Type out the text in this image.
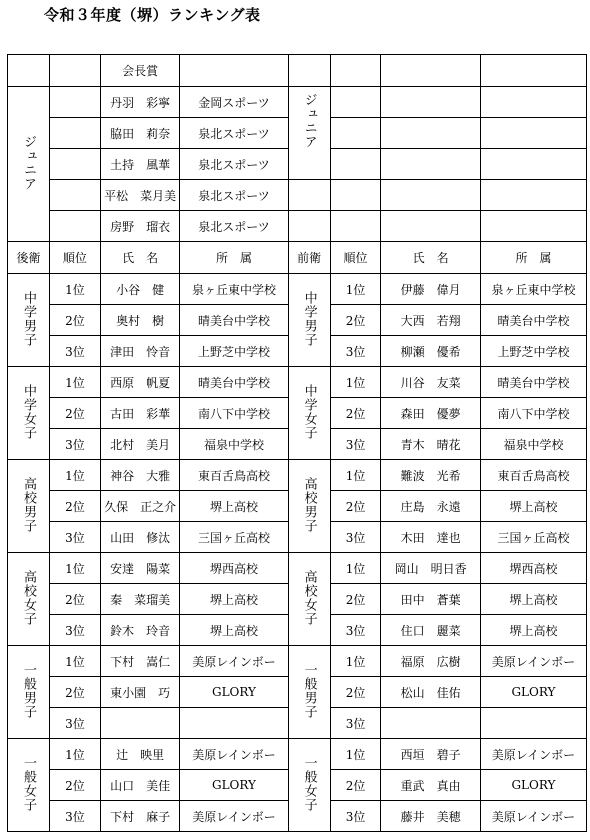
令和３年度（堺）ランキング表
		会長賞					
ジュニア		丹羽　彩寧	金岡スポーツ	ジュニア			
		脇田　莉奈	泉北スポーツ				
		土持　風華	泉北スポーツ				
		平松　菜月美	泉北スポーツ				
		房野　瑠衣	泉北スポーツ				
後衛	順位	氏　名	所　属	前衛	順位	氏　名	所　属
中学男子	1位	小谷　健	泉ヶ丘東中学校	中学男子	1位	伊藤　偉月	泉ヶ丘東中学校
	2位	奥村　樹	晴美台中学校		2位	大西　若翔	晴美台中学校
	3位	津田　怜音	上野芝中学校		3位	柳瀬　優希	上野芝中学校
中学女子	1位	西原　帆夏	晴美台中学校	中学女子	1位	川谷　友菜	晴美台中学校
	2位	古田　彩華	南八下中学校		2位	森田　優夢	南八下中学校
	3位	北村　美月	福泉中学校		3位	青木　晴花	福泉中学校
高校男子	1位	神谷　大雅	東百舌鳥高校	高校男子	1位	難波　光希	東百舌鳥高校
	2位	久保　正之介	堺上高校		2位	庄島　永遠	堺上高校
	3位	山田　修汰	三国ヶ丘高校		3位	木田　達也	三国ヶ丘高校
高校女子	1位	安達　陽菜	堺西高校	高校女子	1位	岡山　明日香	堺西高校
	2位	秦　菜瑠美	堺上高校		2位	田中　蒼葉	堺上高校
	3位	鈴木　玲音	堺上高校		3位	住口　麗菜	堺上高校
一般男子	1位	下村　嵩仁	美原レインボー	一般男子	1位	福原　広樹	美原レインボー
	2位	東小園　巧	GLORY		2位	松山　佳佑	GLORY
	3位				3位		
一般女子	1位	辻　映里	美原レインボー	一般女子	1位	西垣　碧子	美原レインボー
	2位	山口　美佳	GLORY		2位	重武　真由	GLORY
	3位	下村　麻子	美原レインボー		3位	藤井　美穂	美原レインボー
